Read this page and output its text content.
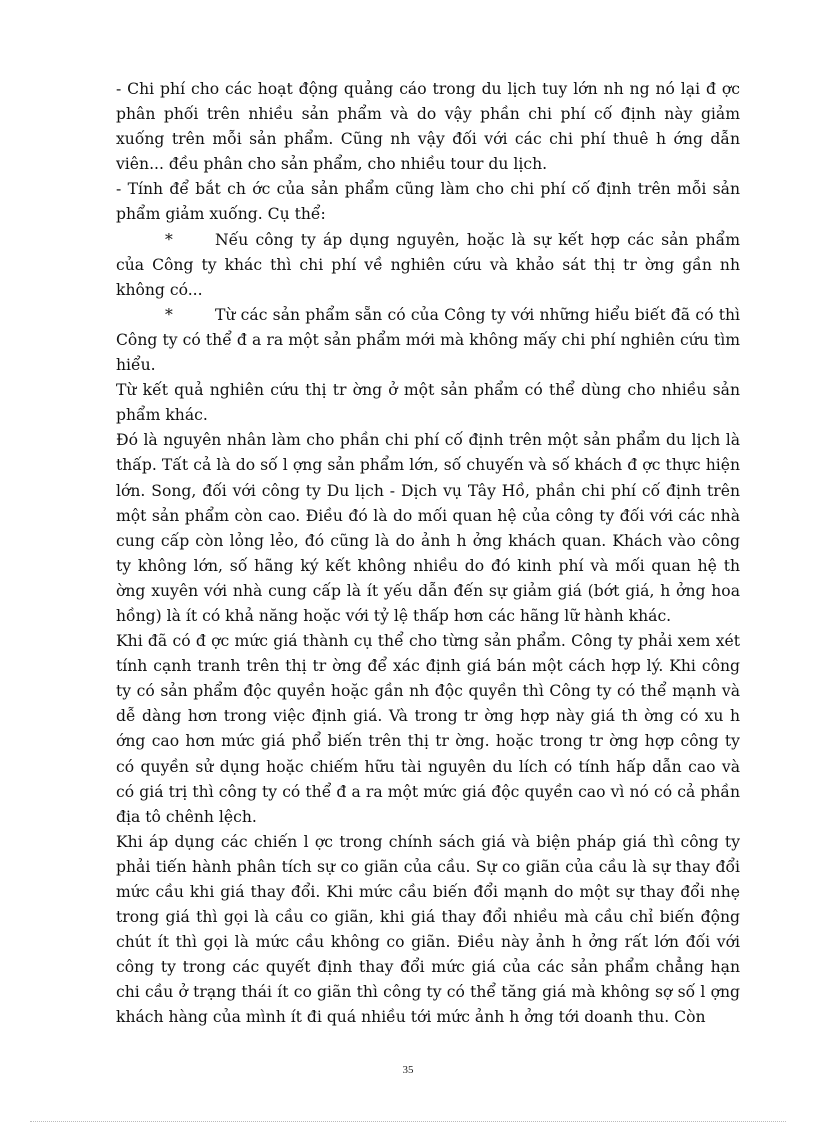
- Chi phí cho các hoạt động quảng cáo trong du lịch tuy lớn nh ng nó lại đ ợc phân phối trên nhiều sản phẩm và do vậy phần chi phí cố định này giảm xuống trên mỗi sản phẩm. Cũng nh vậy đối với các chi phí thuê h ớng dẫn viên... đều phân cho sản phẩm, cho nhiều tour du lịch.

- Tính để bắt ch ớc của sản phẩm cũng làm cho chi phí cố định trên mỗi sản phẩm giảm xuống. Cụ thể:

*	Nếu công ty áp dụng nguyên, hoặc là sự kết hợp các sản phẩm của Công ty khác thì chi phí về nghiên cứu và khảo sát thị tr ờng gần nh không có...

*	Từ các sản phẩm sẵn có của Công ty với những hiểu biết đã có thì Công ty có thể đ a ra một sản phẩm mới mà không mấy chi phí nghiên cứu tìm hiểu.

Từ kết quả nghiên cứu thị tr ờng ở một sản phẩm có thể dùng cho nhiều sản phẩm khác.

Đó là nguyên nhân làm cho phần chi phí cố định trên một sản phẩm du lịch là thấp. Tất cả là do số l ợng sản phẩm lớn, số chuyến và số khách đ ợc thực hiện lớn. Song, đối với công ty Du lịch - Dịch vụ Tây Hồ, phần chi phí cố định trên một sản phẩm còn cao. Điều đó là do mối quan hệ của công ty đối với các nhà cung cấp còn lỏng lẻo, đó cũng là do ảnh h ởng khách quan. Khách vào công ty không lớn, số hãng ký kết không nhiều do đó kinh phí và mối quan hệ th ờng xuyên với nhà cung cấp là ít yếu dẫn đến sự giảm giá (bớt giá, h ởng hoa hồng) là ít có khả năng hoặc với tỷ lệ thấp hơn các hãng lữ hành khác.

Khi đã có đ ợc mức giá thành cụ thể cho từng sản phẩm. Công ty phải xem xét tính cạnh tranh trên thị tr ờng để xác định giá bán một cách hợp lý. Khi công ty có sản phẩm độc quyền hoặc gần nh độc quyền thì Công ty có thể mạnh và dễ dàng hơn trong việc định giá. Và trong tr ờng hợp này giá th ờng có xu h ớng cao hơn mức giá phổ biến trên thị tr ờng. hoặc trong tr ờng hợp công ty có quyền sử dụng hoặc chiếm hữu tài nguyên du lích có tính hấp dẫn cao và có giá trị thì công ty có thể đ a ra một mức giá độc quyền cao vì nó có cả phần địa tô chênh lệch.

Khi áp dụng các chiến l ợc trong chính sách giá và biện pháp giá thì công ty phải tiến hành phân tích sự co giãn của cầu. Sự co giãn của cầu là sự thay đổi mức cầu khi giá thay đổi. Khi mức cầu biến đổi mạnh do một sự thay đổi nhẹ trong giá thì gọi là cầu co giãn, khi giá thay đổi nhiều mà cầu chỉ biến động chút ít thì gọi là mức cầu không co giãn. Điều này ảnh h ởng rất lớn đối với công ty trong các quyết định thay đổi mức giá của các sản phẩm chẳng hạn chi cầu ở trạng thái ít co giãn thì công ty có thể tăng giá mà không sợ số l ợng khách hàng của mình ít đi quá nhiều tới mức ảnh h ởng tới doanh thu. Còn

35
